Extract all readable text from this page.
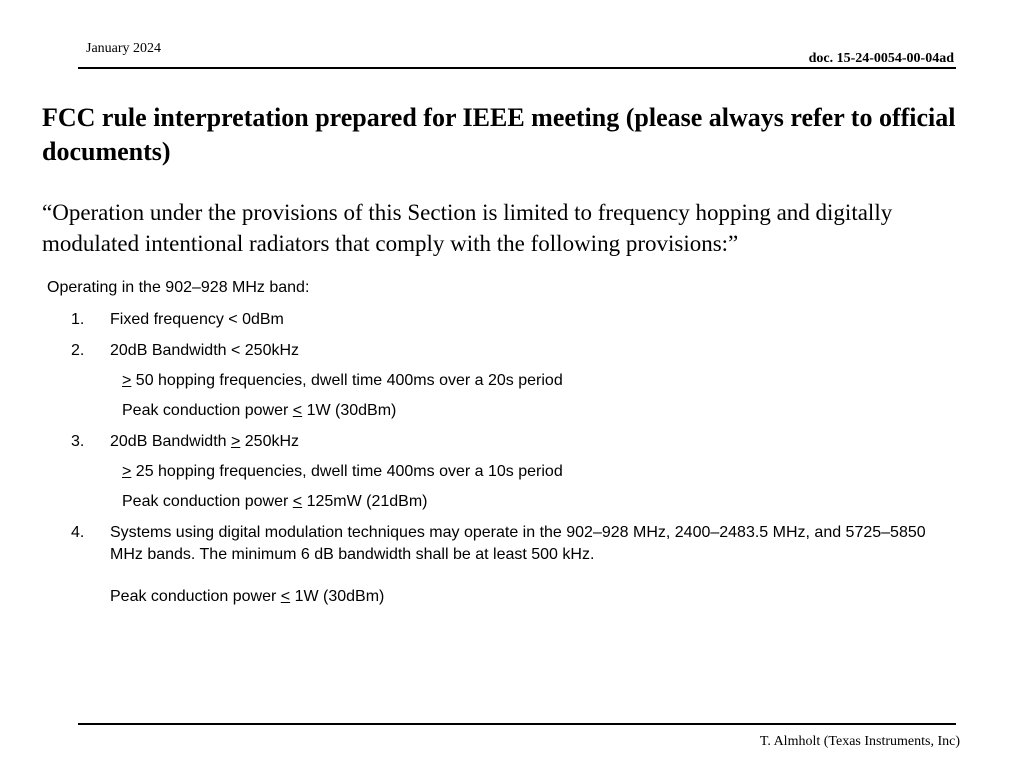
January 2024
doc. 15-24-0054-00-04ad
FCC rule interpretation prepared for IEEE meeting (please always refer to official documents)
“Operation under the provisions of this Section is limited to frequency hopping and digitally modulated intentional radiators that comply with the following provisions:”

Operating in the 902–928 MHz band:

1. Fixed frequency < 0dBm
2. 20dB Bandwidth < 250kHz
≥ 50 hopping frequencies, dwell time 400ms over a 20s period
Peak conduction power ≤ 1W (30dBm)
3. 20dB Bandwidth ≥ 250kHz
≥ 25 hopping frequencies, dwell time 400ms over a 10s period
Peak conduction power ≤ 125mW (21dBm)
4. Systems using digital modulation techniques may operate in the 902–928 MHz, 2400–2483.5 MHz, and 5725–5850 MHz bands. The minimum 6 dB bandwidth shall be at least 500 kHz.
Peak conduction power ≤ 1W (30dBm)
T. Almholt (Texas Instruments, Inc)
